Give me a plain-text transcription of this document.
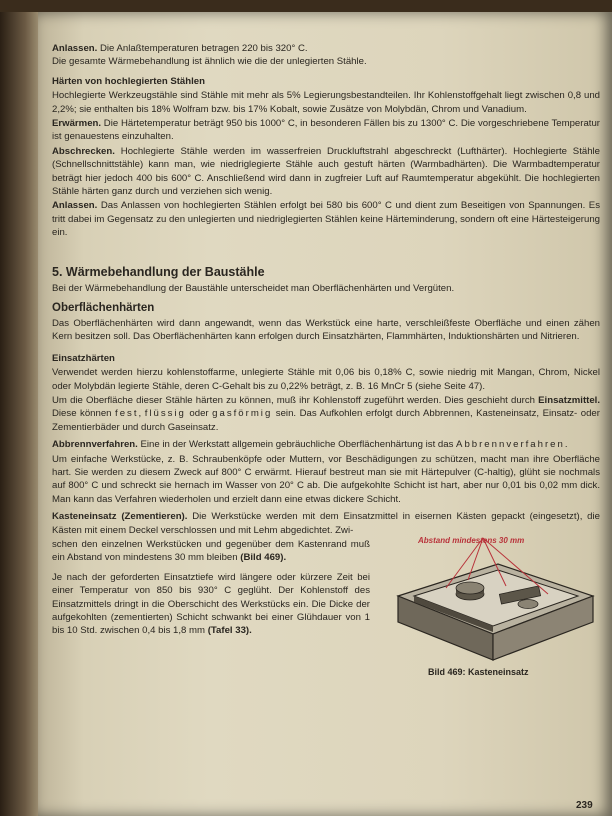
Anlassen. Die Anlaßtemperaturen betragen 220 bis 320° C.
Die gesamte Wärmebehandlung ist ähnlich wie die der unlegierten Stähle.

Härten von hochlegierten Stählen

Hochlegierte Werkzeugstähle sind Stähle mit mehr als 5% Legierungsbestandteilen. Ihr Kohlenstoffgehalt liegt zwischen 0,8 und 2,2%; sie enthalten bis 18% Wolfram bzw. bis 17% Kobalt, sowie Zusätze von Molybdän, Chrom und Vanadium.

Erwärmen. Die Härtetemperatur beträgt 950 bis 1000° C, in besonderen Fällen bis zu 1300° C. Die vorgeschriebene Temperatur ist genauestens einzuhalten.

Abschrecken. Hochlegierte Stähle werden im wasserfreien Druckluftstrahl abgeschreckt (Lufthärter). Hochlegierte Stähle (Schnellschnittstähle) kann man, wie niedriglegierte Stähle auch gestuft härten (Warmbadhärten). Die Warmbadtemperatur beträgt hier jedoch 400 bis 600° C. Anschließend wird dann in zugfreier Luft auf Raumtemperatur abgekühlt. Die hochlegierten Stähle härten ganz durch und verziehen sich wenig.

Anlassen. Das Anlassen von hochlegierten Stählen erfolgt bei 580 bis 600° C und dient zum Beseitigen von Spannungen. Es tritt dabei im Gegensatz zu den unlegierten und niedriglegierten Stählen keine Härteminderung, sondern oft eine Härtesteigerung ein.

5. Wärmebehandlung der Baustähle

Bei der Wärmebehandlung der Baustähle unterscheidet man Oberflächenhärten und Vergüten.

Oberflächenhärten

Das Oberflächenhärten wird dann angewandt, wenn das Werkstück eine harte, verschleißfeste Oberfläche und einen zähen Kern besitzen soll. Das Oberflächenhärten kann erfolgen durch Einsatzhärten, Flammhärten, Induktionshärten und Nitrieren.

Einsatzhärten

Verwendet werden hierzu kohlenstoffarme, unlegierte Stähle mit 0,06 bis 0,18% C, sowie niedrig mit Mangan, Chrom, Nickel oder Molybdän legierte Stähle, deren C-Gehalt bis zu 0,22% beträgt, z. B. 16 MnCr 5 (siehe Seite 47).

Um die Oberfläche dieser Stähle härten zu können, muß ihr Kohlenstoff zugeführt werden. Dies geschieht durch Einsatzmittel. Diese können fest, flüssig oder gasförmig sein. Das Aufkohlen erfolgt durch Abbrennen, Kasteneinsatz, Einsatz- oder Zementierbäder und durch Gaseinsatz.

Abbrennverfahren. Eine in der Werkstatt allgemein gebräuchliche Oberflächenhärtung ist das Abbrennverfahren.

Um einfache Werkstücke, z. B. Schraubenköpfe oder Muttern, vor Beschädigungen zu schützen, macht man ihre Oberfläche hart. Sie werden zu diesem Zweck auf 800° C erwärmt. Hierauf bestreut man sie mit Härtepulver (C-haltig), glüht sie nochmals auf 800° C und schreckt sie hernach im Wasser von 20° C ab. Die aufgekohlte Schicht ist hart, aber nur 0,01 bis 0,02 mm dick. Man kann das Verfahren wiederholen und erzielt dann eine etwas dickere Schicht.

Kasteneinsatz (Zementieren). Die Werkstücke werden mit dem Einsatzmittel in eisernen Kästen gepackt (eingesetzt), die Kästen mit einem Deckel verschlossen und mit Lehm abgedichtet. Zwi-

schen den einzelnen Werkstücken und gegenüber dem Kastenrand muß ein Abstand von mindestens 30 mm bleiben (Bild 469).

Je nach der geforderten Einsatztiefe wird längere oder kürzere Zeit bei einer Temperatur von 850 bis 930° C geglüht. Der Kohlenstoff des Einsatzmittels dringt in die Oberschicht des Werkstücks ein. Die Dicke der aufgekohlten (zementierten) Schicht schwankt bei einer Glühdauer von 1 bis 10 Std. zwischen 0,4 bis 1,8 mm (Tafel 33).

Abstand mindestens 30 mm
Bild 469: Kasteneinsatz
239
